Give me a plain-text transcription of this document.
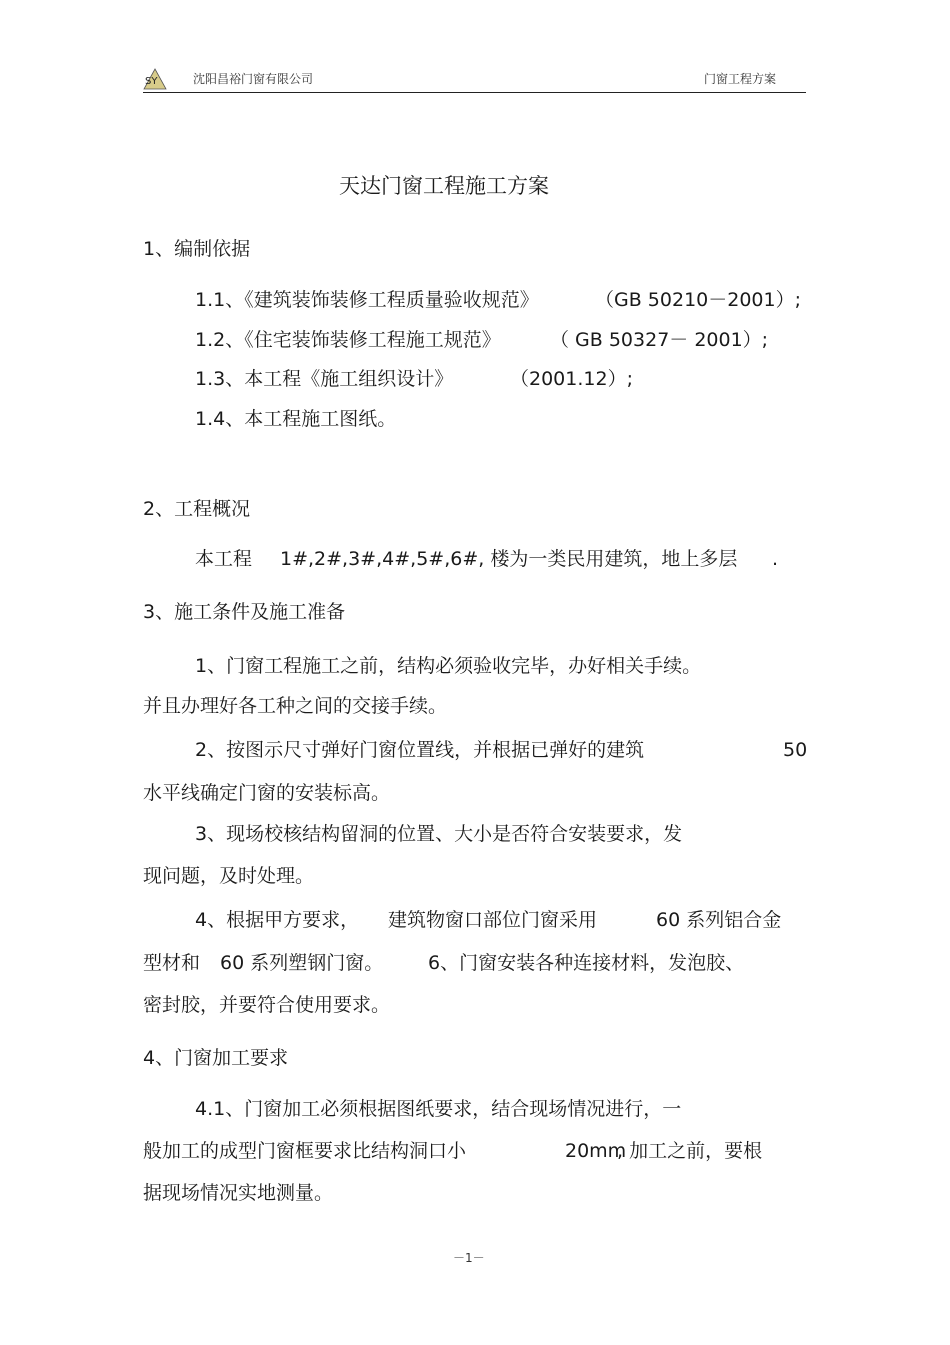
SY	沈阳昌裕门窗有限公司	门窗工程方案
天达门窗工程施工方案
1、编制依据
1.1、《建筑装饰装修工程质量验收规范》	（GB 50210－2001）;
1.2、《住宅装饰装修工程施工规范》	（ GB 50327－ 2001）;
1.3、本工程《施工组织设计》	（2001.12）;
1.4、本工程施工图纸。
2、工程概况
本工程 1#,2#,3#,4#,5#,6#, 楼为一类民用建筑，地上多层 .
3、施工条件及施工准备
1、门窗工程施工之前，结构必须验收完毕，办好相关手续。
并且办理好各工种之间的交接手续。
2、按图示尺寸弹好门窗位置线，并根据已弹好的建筑	50
水平线确定门窗的安装标高。
3、现场校核结构留洞的位置、大小是否符合安装要求，发
现问题，及时处理。
4、根据甲方要求， 建筑物窗口部位门窗采用	60 系列铝合金
型材和 60 系列塑钢门窗。 6、门窗安装各种连接材料，发泡胶、
密封胶，并要符合使用要求。
4、门窗加工要求
4.1、门窗加工必须根据图纸要求，结合现场情况进行，一
般加工的成型门窗框要求比结构洞口小	20mm
, 加工之前，要根
据现场情况实地测量。
－1－
